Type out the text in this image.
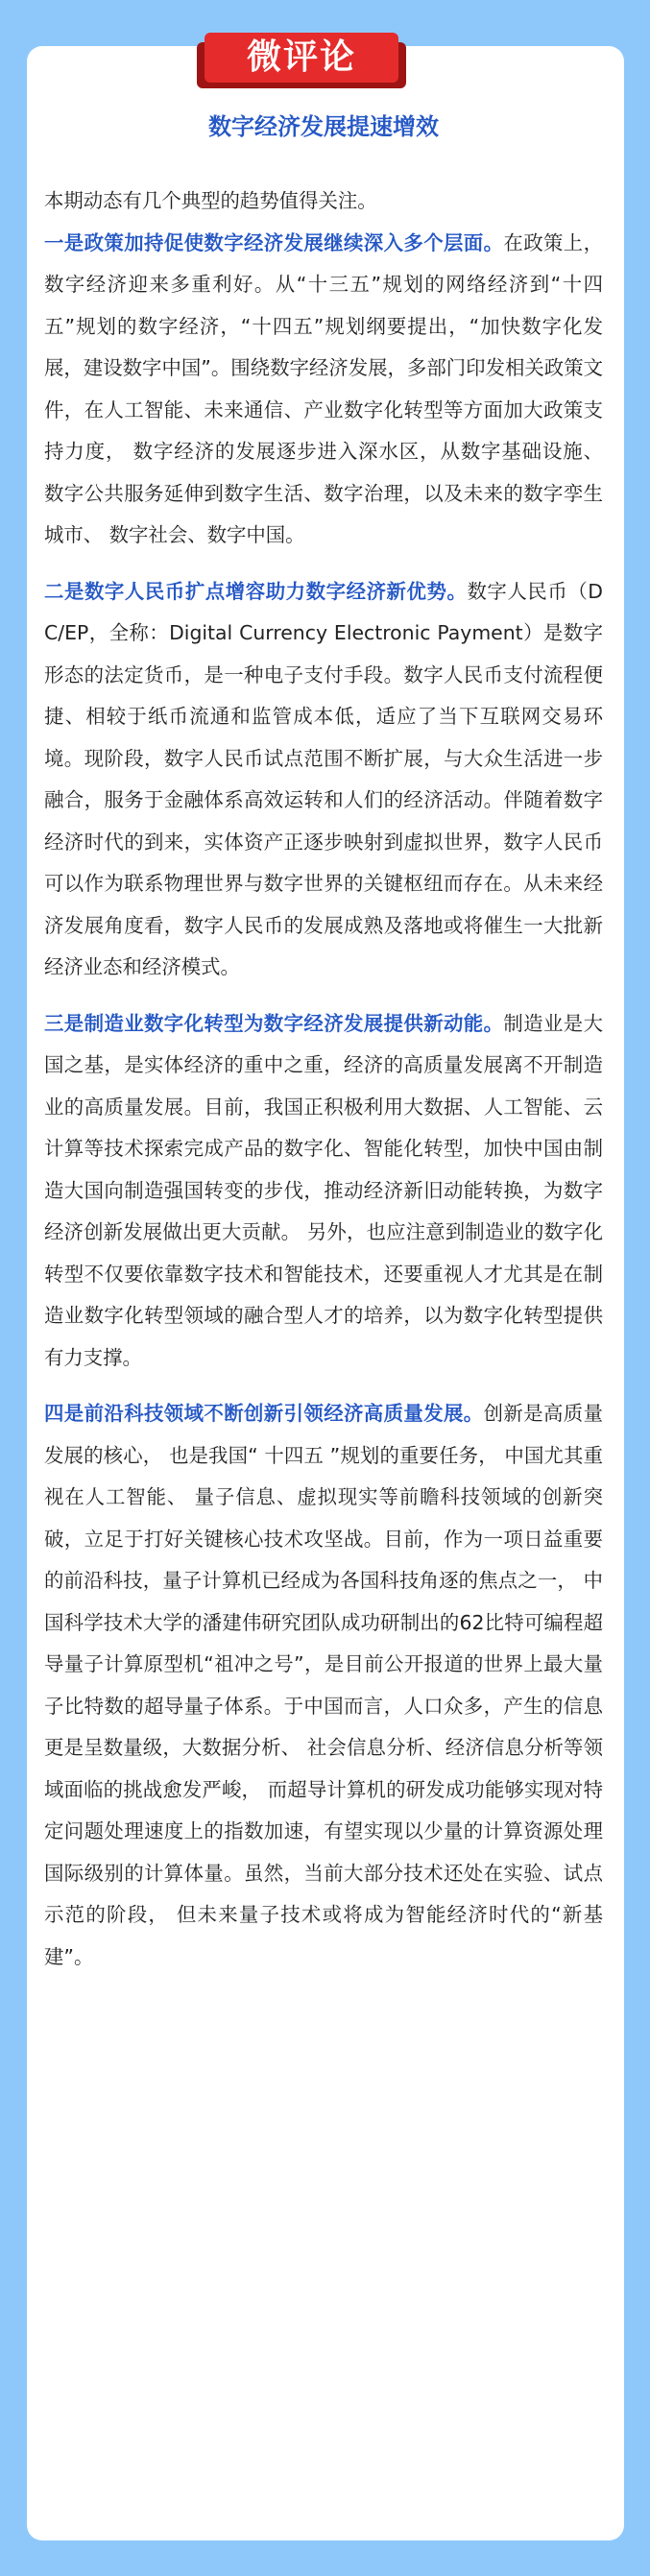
微评论
数字经济发展提速增效

本期动态有几个典型的趋势值得关注。

一是政策加持促使数字经济发展继续深入多个层面。在政策上， 数字经济迎来多重利好。从“十三五”规划的网络经济到“十四五”规划的数字经济，“十四五”规划纲要提出，“加快数字化发展，建设数字中国”。围绕数字经济发展，多部门印发相关政策文件，在人工智能、未来通信、产业数字化转型等方面加大政策支持力度， 数字经济的发展逐步进入深水区，从数字基础设施、 数字公共服务延伸到数字生活、数字治理，以及未来的数字孪生城市、 数字社会、数字中国。

二是数字人民币扩点增容助力数字经济新优势。数字人民币（DC/EP，全称：Digital Currency Electronic Payment）是数字形态的法定货币，是一种电子支付手段。数字人民币支付流程便捷、相较于纸币流通和监管成本低，适应了当下互联网交易环境。现阶段，数字人民币试点范围不断扩展，与大众生活进一步融合，服务于金融体系高效运转和人们的经济活动。伴随着数字经济时代的到来，实体资产正逐步映射到虚拟世界，数字人民币可以作为联系物理世界与数字世界的关键枢纽而存在。从未来经济发展角度看，数字人民币的发展成熟及落地或将催生一大批新经济业态和经济模式。

三是制造业数字化转型为数字经济发展提供新动能。制造业是大国之基，是实体经济的重中之重，经济的高质量发展离不开制造业的高质量发展。目前，我国正积极利用大数据、人工智能、云计算等技术探索完成产品的数字化、智能化转型，加快中国由制造大国向制造强国转变的步伐，推动经济新旧动能转换，为数字经济创新发展做出更大贡献。 另外，也应注意到制造业的数字化转型不仅要依靠数字技术和智能技术，还要重视人才尤其是在制造业数字化转型领域的融合型人才的培养，以为数字化转型提供有力支撑。

四是前沿科技领域不断创新引领经济高质量发展。创新是高质量发展的核心， 也是我国“ 十四五 ”规划的重要任务， 中国尤其重视在人工智能、 量子信息、虚拟现实等前瞻科技领域的创新突破，立足于打好关键核心技术攻坚战。目前，作为一项日益重要的前沿科技，量子计算机已经成为各国科技角逐的焦点之一， 中国科学技术大学的潘建伟研究团队成功研制出的62比特可编程超导量子计算原型机“祖冲之号”，是目前公开报道的世界上最大量子比特数的超导量子体系。于中国而言，人口众多，产生的信息更是呈数量级，大数据分析、 社会信息分析、经济信息分析等领域面临的挑战愈发严峻， 而超导计算机的研发成功能够实现对特定问题处理速度上的指数加速，有望实现以少量的计算资源处理国际级别的计算体量。虽然，当前大部分技术还处在实验、试点示范的阶段， 但未来量子技术或将成为智能经济时代的“新基建”。
